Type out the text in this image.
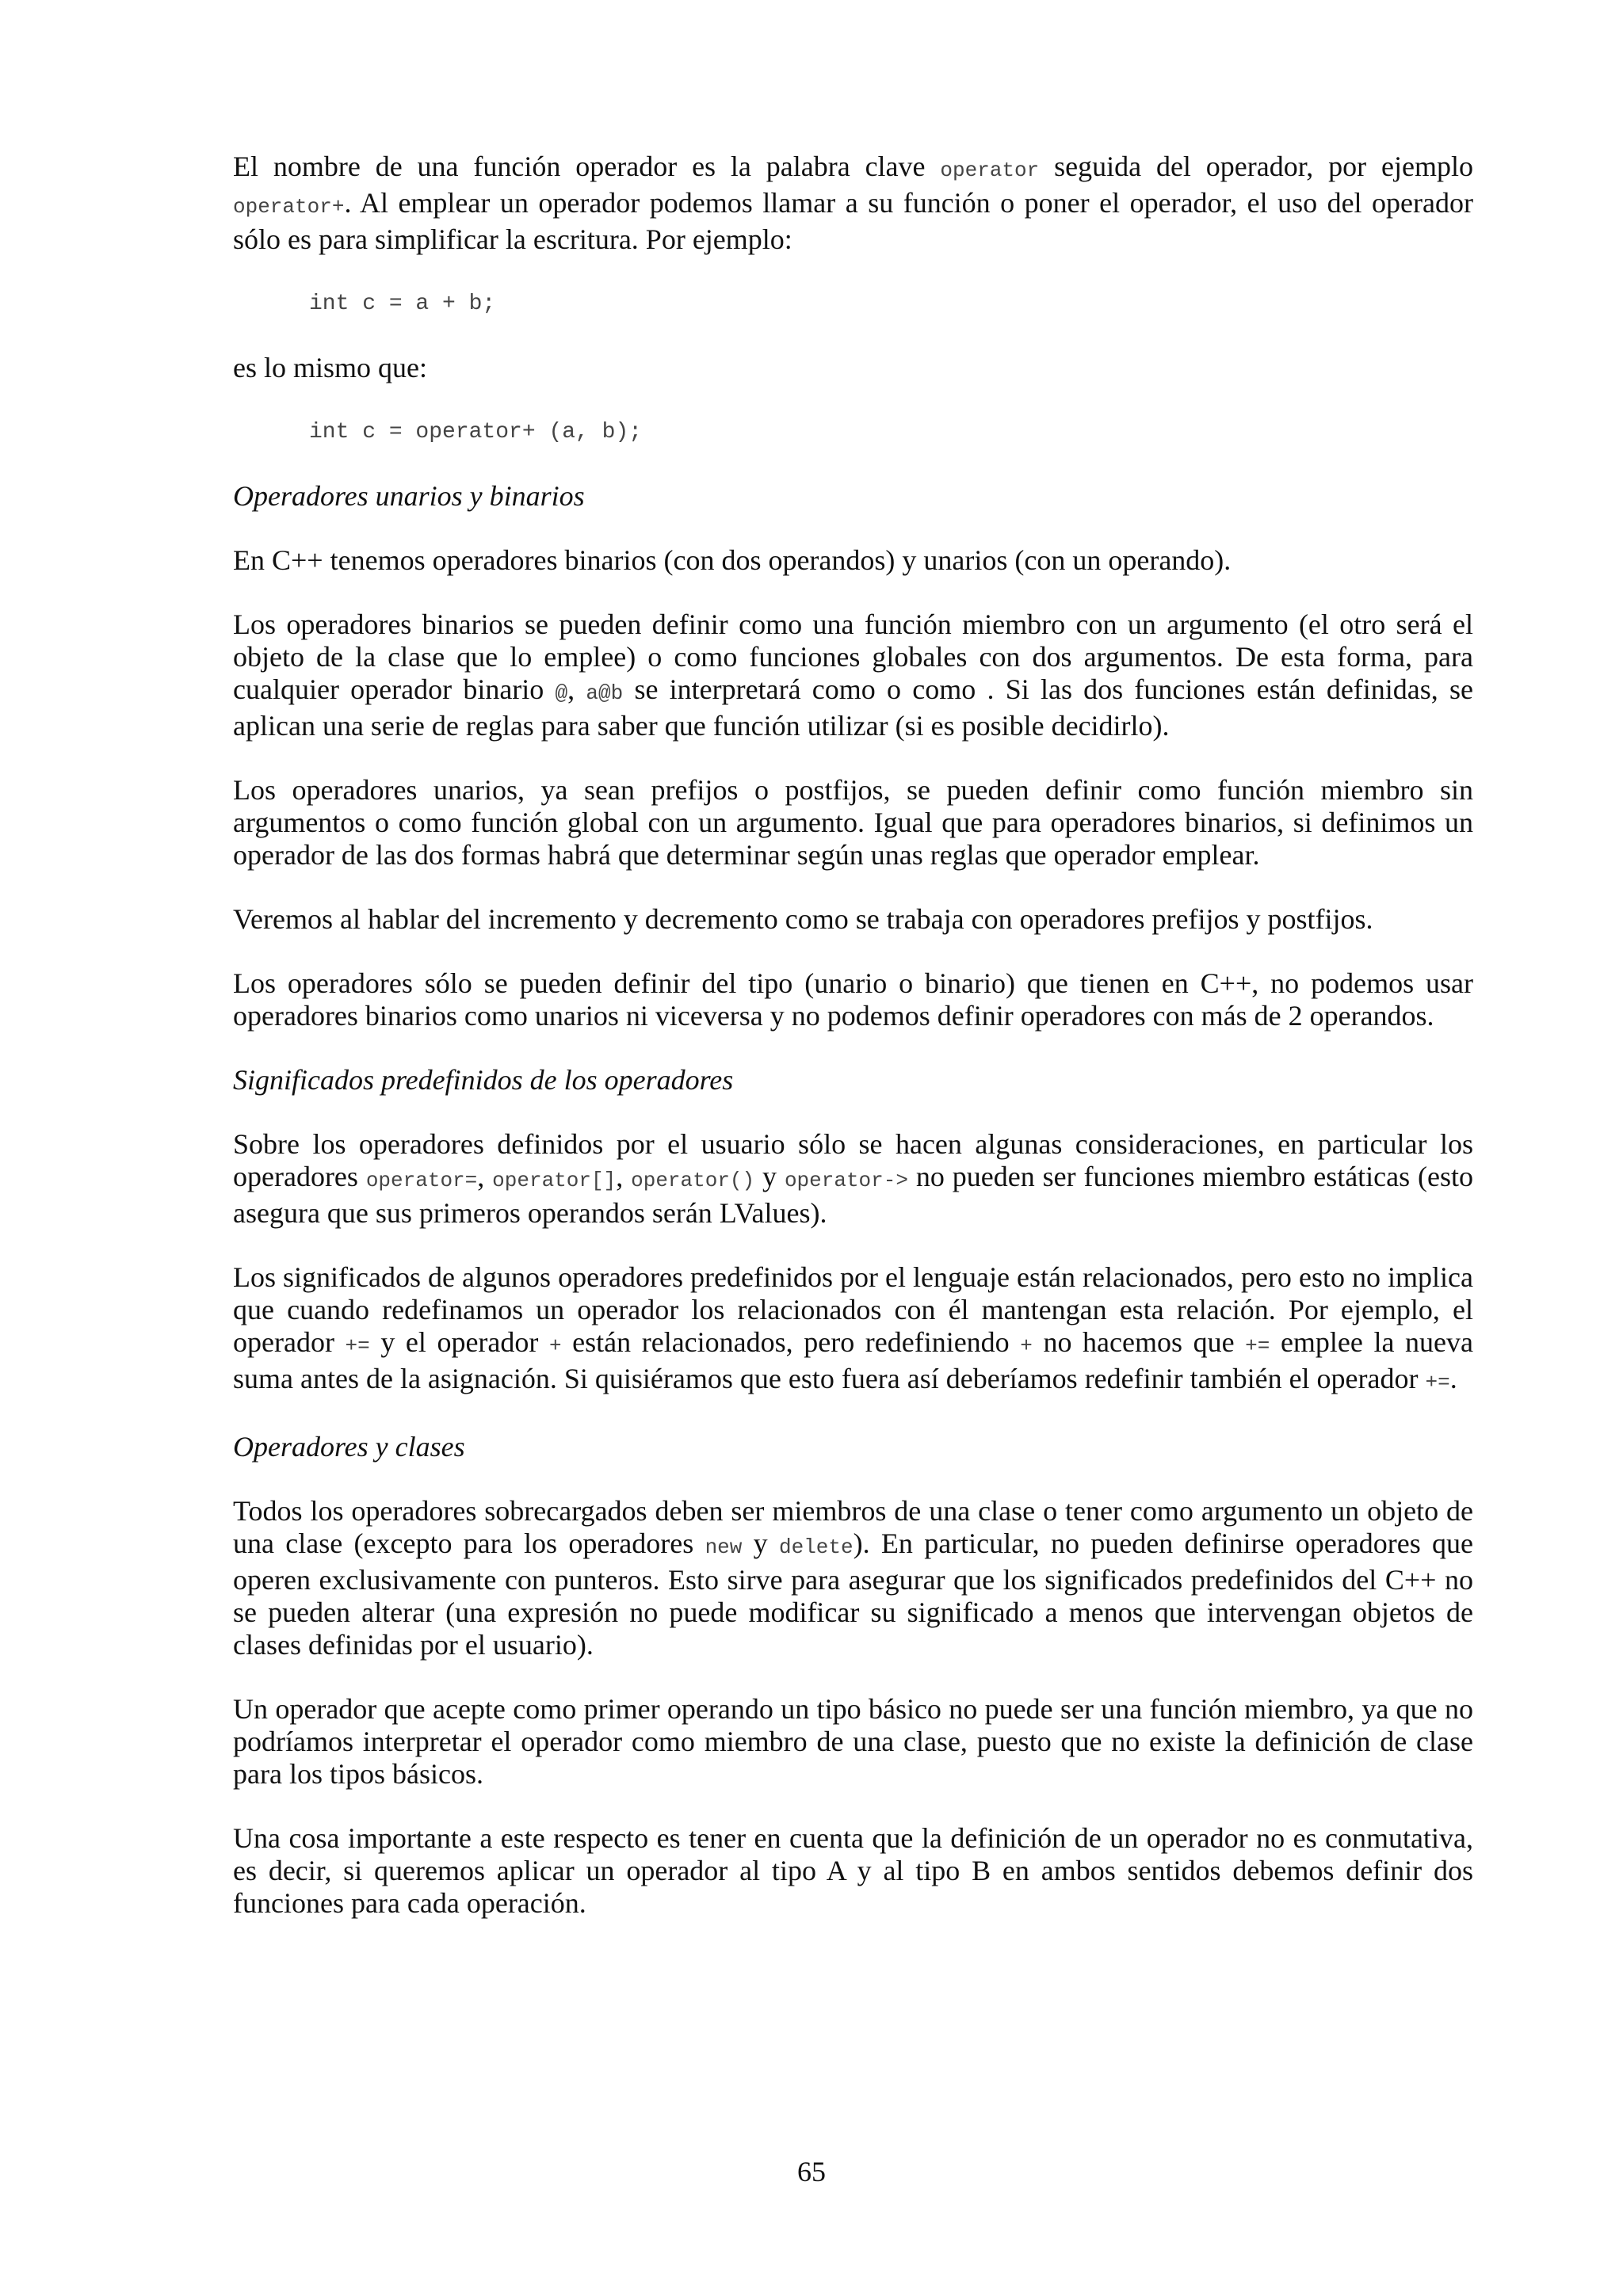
El nombre de una función operador es la palabra clave operator seguida del operador, por ejemplo operator+. Al emplear un operador podemos llamar a su función o poner el operador, el uso del operador sólo es para simplificar la escritura. Por ejemplo:

int c = a + b;

es lo mismo que:

int c = operator+ (a, b);
Operadores unarios y binarios

En C++ tenemos operadores binarios (con dos operandos) y unarios (con un operando).

Los operadores binarios se pueden definir como una función miembro con un argumento (el otro será el objeto de la clase que lo emplee) o como funciones globales con dos argumentos. De esta forma, para cualquier operador binario @, a@b se interpretará como o como . Si las dos funciones están definidas, se aplican una serie de reglas para saber que función utilizar (si es posible decidirlo).

Los operadores unarios, ya sean prefijos o postfijos, se pueden definir como función miembro sin argumentos o como función global con un argumento. Igual que para operadores binarios, si definimos un operador de las dos formas habrá que determinar según unas reglas que operador emplear.

Veremos al hablar del incremento y decremento como se trabaja con operadores prefijos y postfijos.

Los operadores sólo se pueden definir del tipo (unario o binario) que tienen en C++, no podemos usar operadores binarios como unarios ni viceversa y no podemos definir operadores con más de 2 operandos.

Significados predefinidos de los operadores

Sobre los operadores definidos por el usuario sólo se hacen algunas consideraciones, en particular los operadores operator=, operator[], operator() y operator-> no pueden ser funciones miembro estáticas (esto asegura que sus primeros operandos serán LValues).

Los significados de algunos operadores predefinidos por el lenguaje están relacionados, pero esto no implica que cuando redefinamos un operador los relacionados con él mantengan esta relación. Por ejemplo, el operador += y el operador + están relacionados, pero redefiniendo + no hacemos que += emplee la nueva suma antes de la asignación. Si quisiéramos que esto fuera así deberíamos redefinir también el operador +=.

Operadores y clases

Todos los operadores sobrecargados deben ser miembros de una clase o tener como argumento un objeto de una clase (excepto para los operadores new y delete). En particular, no pueden definirse operadores que operen exclusivamente con punteros. Esto sirve para asegurar que los significados predefinidos del C++ no se pueden alterar (una expresión no puede modificar su significado a menos que intervengan objetos de clases definidas por el usuario).

Un operador que acepte como primer operando un tipo básico no puede ser una función miembro, ya que no podríamos interpretar el operador como miembro de una clase, puesto que no existe la definición de clase para los tipos básicos.

Una cosa importante a este respecto es tener en cuenta que la definición de un operador no es conmutativa, es decir, si queremos aplicar un operador al tipo A y al tipo B en ambos sentidos debemos definir dos funciones para cada operación.

65
